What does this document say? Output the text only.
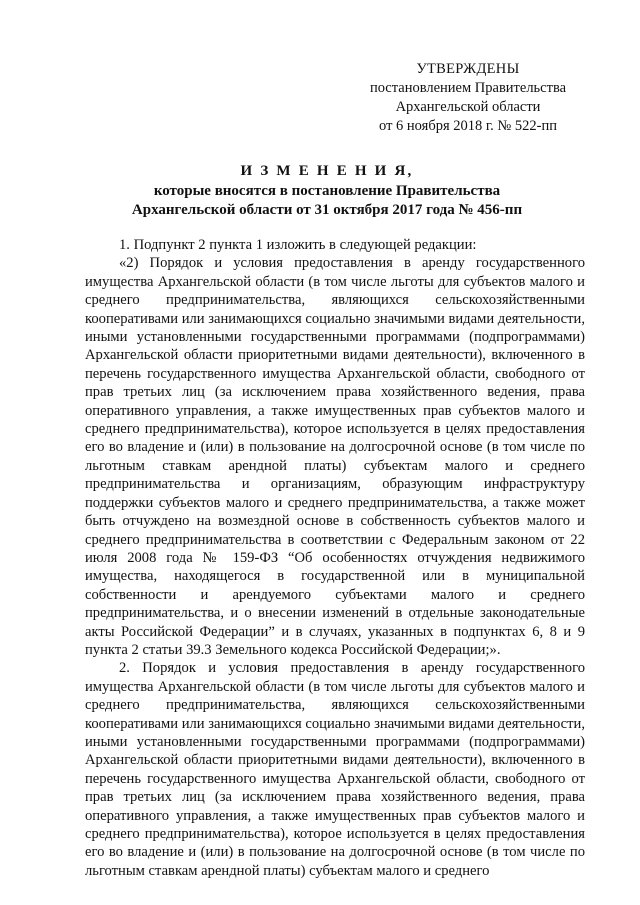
УТВЕРЖДЕНЫ
постановлением Правительства
Архангельской области
от 6 ноября 2018 г. № 522-пп
И З М Е Н Е Н И Я,
которые вносятся в постановление Правительства
Архангельской области от 31 октября 2017 года № 456-пп

1. Подпункт 2 пункта 1 изложить в следующей редакции:

«2) Порядок и условия предоставления в аренду государственного имущества Архангельской области (в том числе льготы для субъектов малого и среднего предпринимательства, являющихся сельскохозяйственными кооперативами или занимающихся социально значимыми видами деятельности, иными установленными государственными программами (подпрограммами) Архангельской области приоритетными видами деятельности), включенного в перечень государственного имущества Архангельской области, свободного от прав третьих лиц (за исключением права хозяйственного ведения, права оперативного управления, а также имущественных прав субъектов малого и среднего предпринимательства), которое используется в целях предоставления его во владение и (или) в пользование на долгосрочной основе (в том числе по льготным ставкам арендной платы) субъектам малого и среднего предпринимательства и организациям, образующим инфраструктуру поддержки субъектов малого и среднего предпринимательства, а также может быть отчуждено на возмездной основе в собственность субъектов малого и среднего предпринимательства в соответствии с Федеральным законом от 22 июля 2008 года № 159-ФЗ “Об особенностях отчуждения недвижимого имущества, находящегося в государственной или в муниципальной собственности и арендуемого субъектами малого и среднего предпринимательства, и о внесении изменений в отдельные законодательные акты Российской Федерации” и в случаях, указанных в подпунктах 6, 8 и 9 пункта 2 статьи 39.3 Земельного кодекса Российской Федерации;».

2. Порядок и условия предоставления в аренду государственного имущества Архангельской области (в том числе льготы для субъектов малого и среднего предпринимательства, являющихся сельскохозяйственными кооперативами или занимающихся социально значимыми видами деятельности, иными установленными государственными программами (подпрограммами) Архангельской области приоритетными видами деятельности), включенного в перечень государственного имущества Архангельской области, свободного от прав третьих лиц (за исключением права хозяйственного ведения, права оперативного управления, а также имущественных прав субъектов малого и среднего предпринимательства), которое используется в целях предоставления его во владение и (или) в пользование на долгосрочной основе (в том числе по льготным ставкам арендной платы) субъектам малого и среднего
